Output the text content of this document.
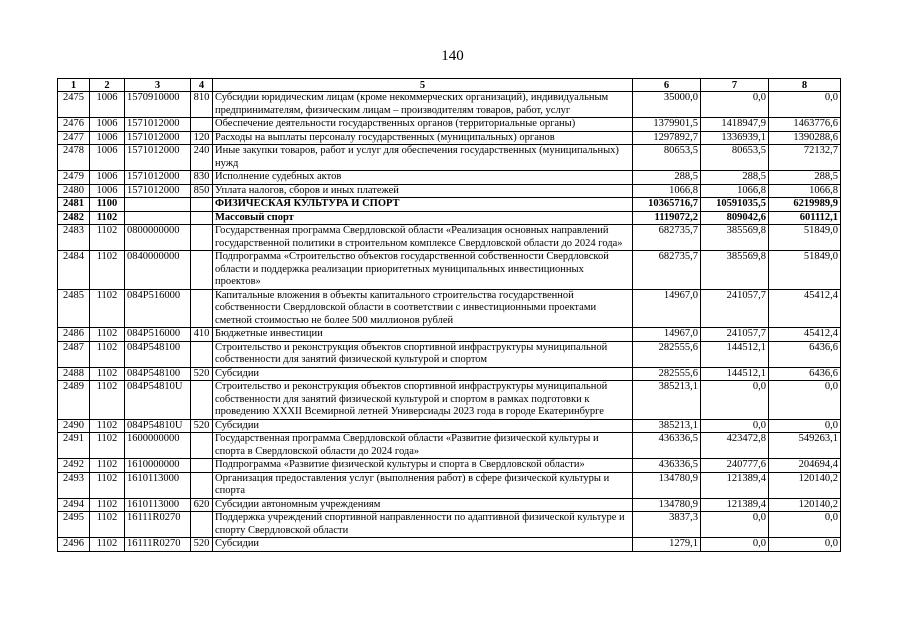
140
1	2	3	4	5	6	7	8
2475	1006	1570910000	810	Субсидии юридическим лицам (кроме некоммерческих организаций), индивидуальным предпринимателям, физическим лицам – производителям товаров, работ, услуг	35000,0	0,0	0,0
2476	1006	1571012000		Обеспечение деятельности государственных органов (территориальные органы)	1379901,5	1418947,9	1463776,6
2477	1006	1571012000	120	Расходы на выплаты персоналу государственных (муниципальных) органов	1297892,7	1336939,1	1390288,6
2478	1006	1571012000	240	Иные закупки товаров, работ и услуг для обеспечения государственных (муниципальных) нужд	80653,5	80653,5	72132,7
2479	1006	1571012000	830	Исполнение судебных актов	288,5	288,5	288,5
2480	1006	1571012000	850	Уплата налогов, сборов и иных платежей	1066,8	1066,8	1066,8
2481	1100			ФИЗИЧЕСКАЯ КУЛЬТУРА И СПОРТ	10365716,7	10591035,5	6219989,9
2482	1102			Массовый спорт	1119072,2	809042,6	601112,1
2483	1102	0800000000		Государственная программа Свердловской области «Реализация основных направлений государственной политики в строительном комплексе Свердловской области до 2024 года»	682735,7	385569,8	51849,0
2484	1102	0840000000		Подпрограмма «Строительство объектов государственной собственности Свердловской области и поддержка реализации приоритетных муниципальных инвестиционных проектов»	682735,7	385569,8	51849,0
2485	1102	084Р516000		Капитальные вложения в объекты капитального строительства государственной собственности Свердловской области в соответствии с инвестиционными проектами сметной стоимостью не более 500 миллионов рублей	14967,0	241057,7	45412,4
2486	1102	084Р516000	410	Бюджетные инвестиции	14967,0	241057,7	45412,4
2487	1102	084Р548100		Строительство и реконструкция объектов спортивной инфраструктуры муниципальной собственности для занятий физической культурой и спортом	282555,6	144512,1	6436,6
2488	1102	084Р548100	520	Субсидии	282555,6	144512,1	6436,6
2489	1102	084Р54810U		Строительство и реконструкция объектов спортивной инфраструктуры муниципальной собственности для занятий физической культурой и спортом в рамках подготовки к проведению XXXII Всемирной летней Универсиады 2023 года в городе Екатеринбурге	385213,1	0,0	0,0
2490	1102	084Р54810U	520	Субсидии	385213,1	0,0	0,0
2491	1102	1600000000		Государственная программа Свердловской области «Развитие физической культуры и спорта в Свердловской области до 2024 года»	436336,5	423472,8	549263,1
2492	1102	1610000000		Подпрограмма «Развитие физической культуры и спорта в Свердловской области»	436336,5	240777,6	204694,4
2493	1102	1610113000		Организация предоставления услуг (выполнения работ) в сфере физической культуры и спорта	134780,9	121389,4	120140,2
2494	1102	1610113000	620	Субсидии автономным учреждениям	134780,9	121389,4	120140,2
2495	1102	16111R0270		Поддержка учреждений спортивной направленности по адаптивной физической культуре и спорту Свердловской области	3837,3	0,0	0,0
2496	1102	16111R0270	520	Субсидии	1279,1	0,0	0,0
